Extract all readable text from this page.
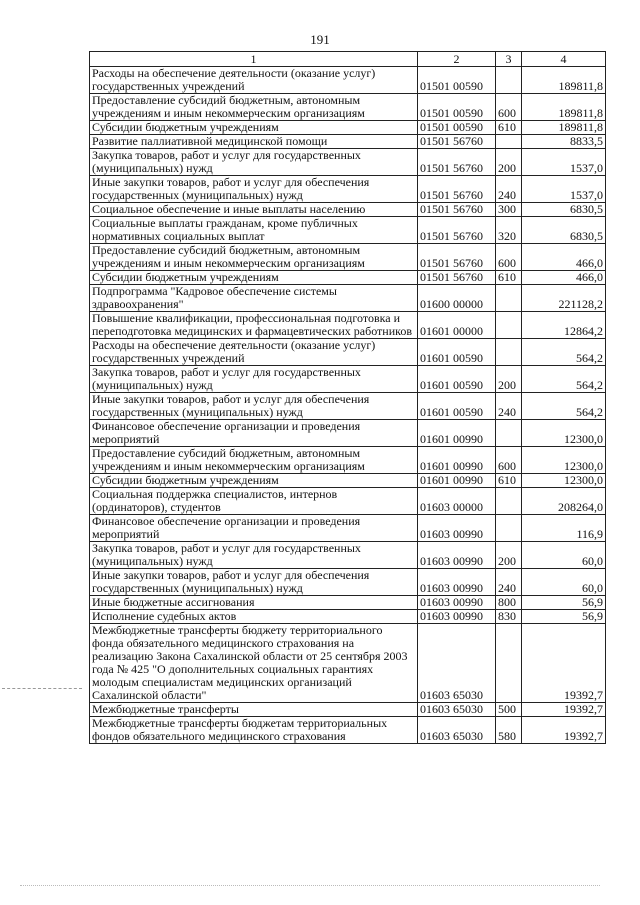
191
1	2	3	4
Расходы на обеспечение деятельности (оказание услуг) государственных учреждений	01501 00590		189811,8
Предоставление субсидий бюджетным, автономным учреждениям и иным некоммерческим организациям	01501 00590	600	189811,8
Субсидии бюджетным учреждениям	01501 00590	610	189811,8
Развитие паллиативной медицинской помощи	01501 56760		8833,5
Закупка товаров, работ и услуг для государственных (муниципальных) нужд	01501 56760	200	1537,0
Иные закупки товаров, работ и услуг для обеспечения государственных (муниципальных) нужд	01501 56760	240	1537,0
Социальное обеспечение и иные выплаты населению	01501 56760	300	6830,5
Социальные выплаты гражданам, кроме публичных нормативных социальных выплат	01501 56760	320	6830,5
Предоставление субсидий бюджетным, автономным учреждениям и иным некоммерческим организациям	01501 56760	600	466,0
Субсидии бюджетным учреждениям	01501 56760	610	466,0
Подпрограмма "Кадровое обеспечение системы здравоохранения"	01600 00000		221128,2
Повышение квалификации, профессиональная подготовка и переподготовка медицинских и фармацевтических работников	01601 00000		12864,2
Расходы на обеспечение деятельности (оказание услуг) государственных учреждений	01601 00590		564,2
Закупка товаров, работ и услуг для государственных (муниципальных) нужд	01601 00590	200	564,2
Иные закупки товаров, работ и услуг для обеспечения государственных (муниципальных) нужд	01601 00590	240	564,2
Финансовое обеспечение организации и проведения мероприятий	01601 00990		12300,0
Предоставление субсидий бюджетным, автономным учреждениям и иным некоммерческим организациям	01601 00990	600	12300,0
Субсидии бюджетным учреждениям	01601 00990	610	12300,0
Социальная поддержка специалистов, интернов (ординаторов), студентов	01603 00000		208264,0
Финансовое обеспечение организации и проведения мероприятий	01603 00990		116,9
Закупка товаров, работ и услуг для государственных (муниципальных) нужд	01603 00990	200	60,0
Иные закупки товаров, работ и услуг для обеспечения государственных (муниципальных) нужд	01603 00990	240	60,0
Иные бюджетные ассигнования	01603 00990	800	56,9
Исполнение судебных актов	01603 00990	830	56,9
Межбюджетные трансферты бюджету территориального фонда обязательного медицинского страхования на реализацию Закона Сахалинской области от 25 сентября 2003 года № 425 "О дополнительных социальных гарантиях молодым специалистам медицинских организаций Сахалинской области"	01603 65030		19392,7
Межбюджетные трансферты	01603 65030	500	19392,7
Межбюджетные трансферты бюджетам территориальных фондов обязательного медицинского страхования	01603 65030	580	19392,7
